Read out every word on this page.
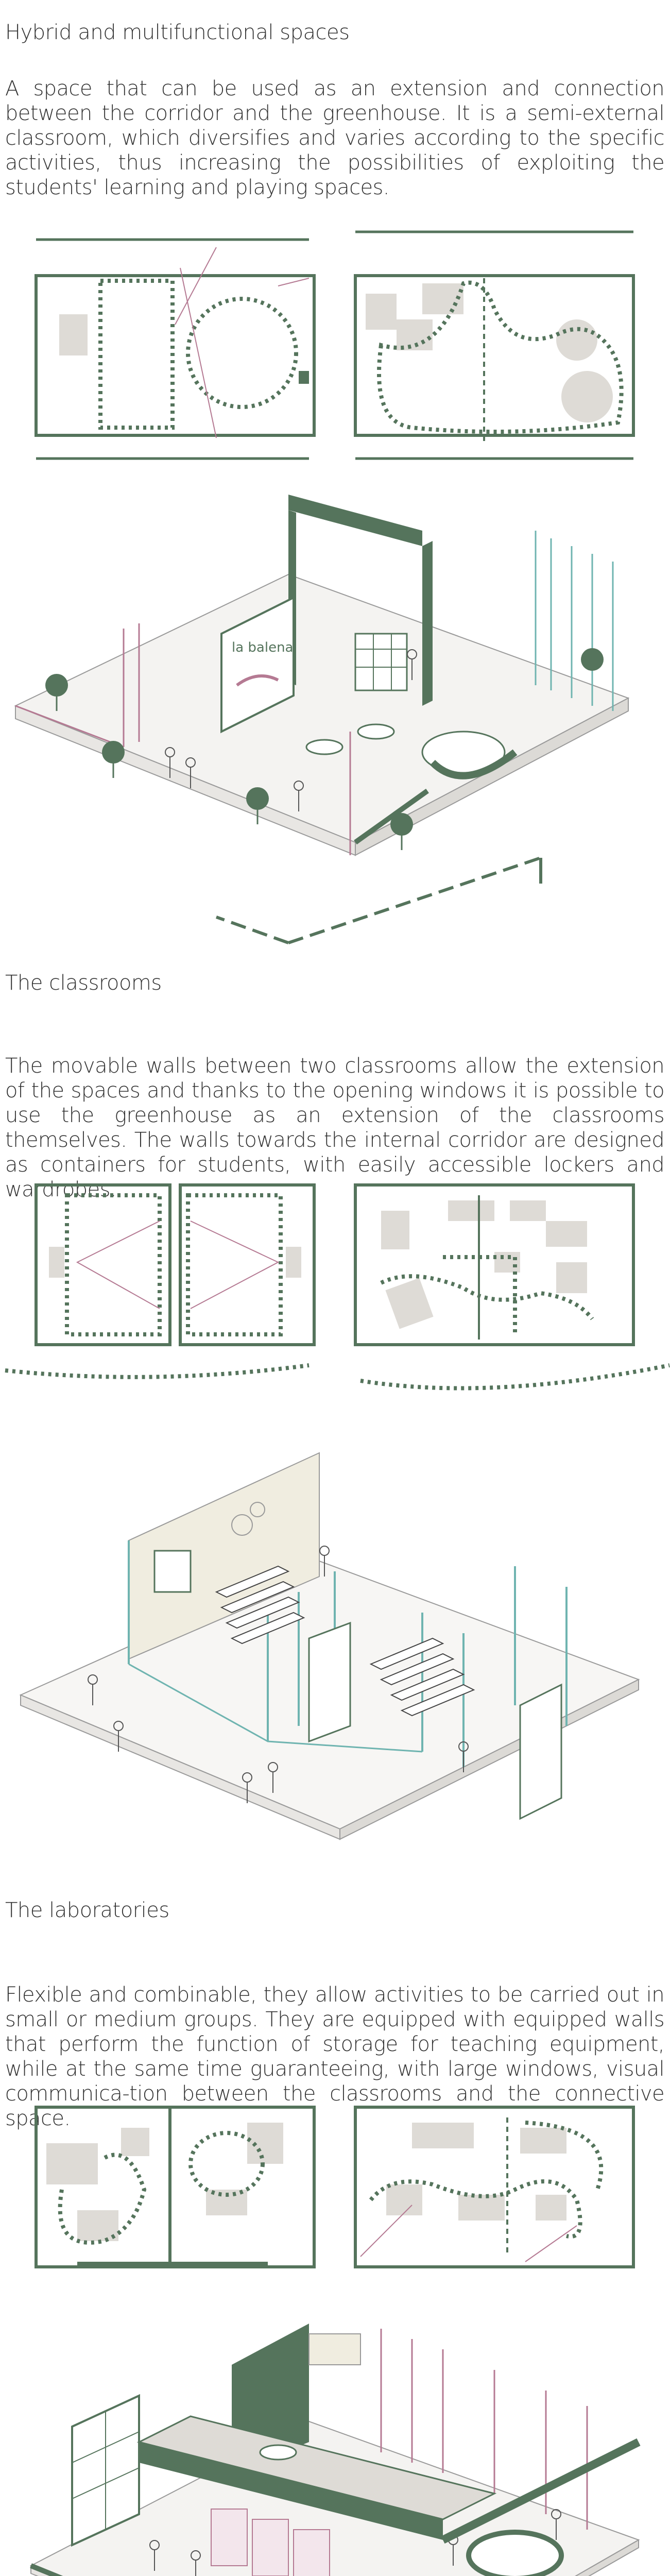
Hybrid and multifunctional spaces
A space that can be used as an extension and connection between the corridor and the greenhouse. It is a semi-external classroom, which diversifies and varies according to the specific activities, thus increasing the possibilities of exploiting the students' learning and playing spaces.
la balena
The classrooms
The movable walls between two classrooms allow the extension of the spaces and thanks to the opening windows it is possible to use the greenhouse as an extension of the classrooms themselves. The walls towards the internal corridor are designed as containers for students, with easily accessible lockers and wardrobes.
The laboratories
Flexible and combinable, they allow activities to be carried out in small or medium groups. They are equipped with equipped walls that perform the function of storage for teaching equipment, while at the same time guaranteeing, with large windows, visual communica-tion between the classrooms and the connective space.
